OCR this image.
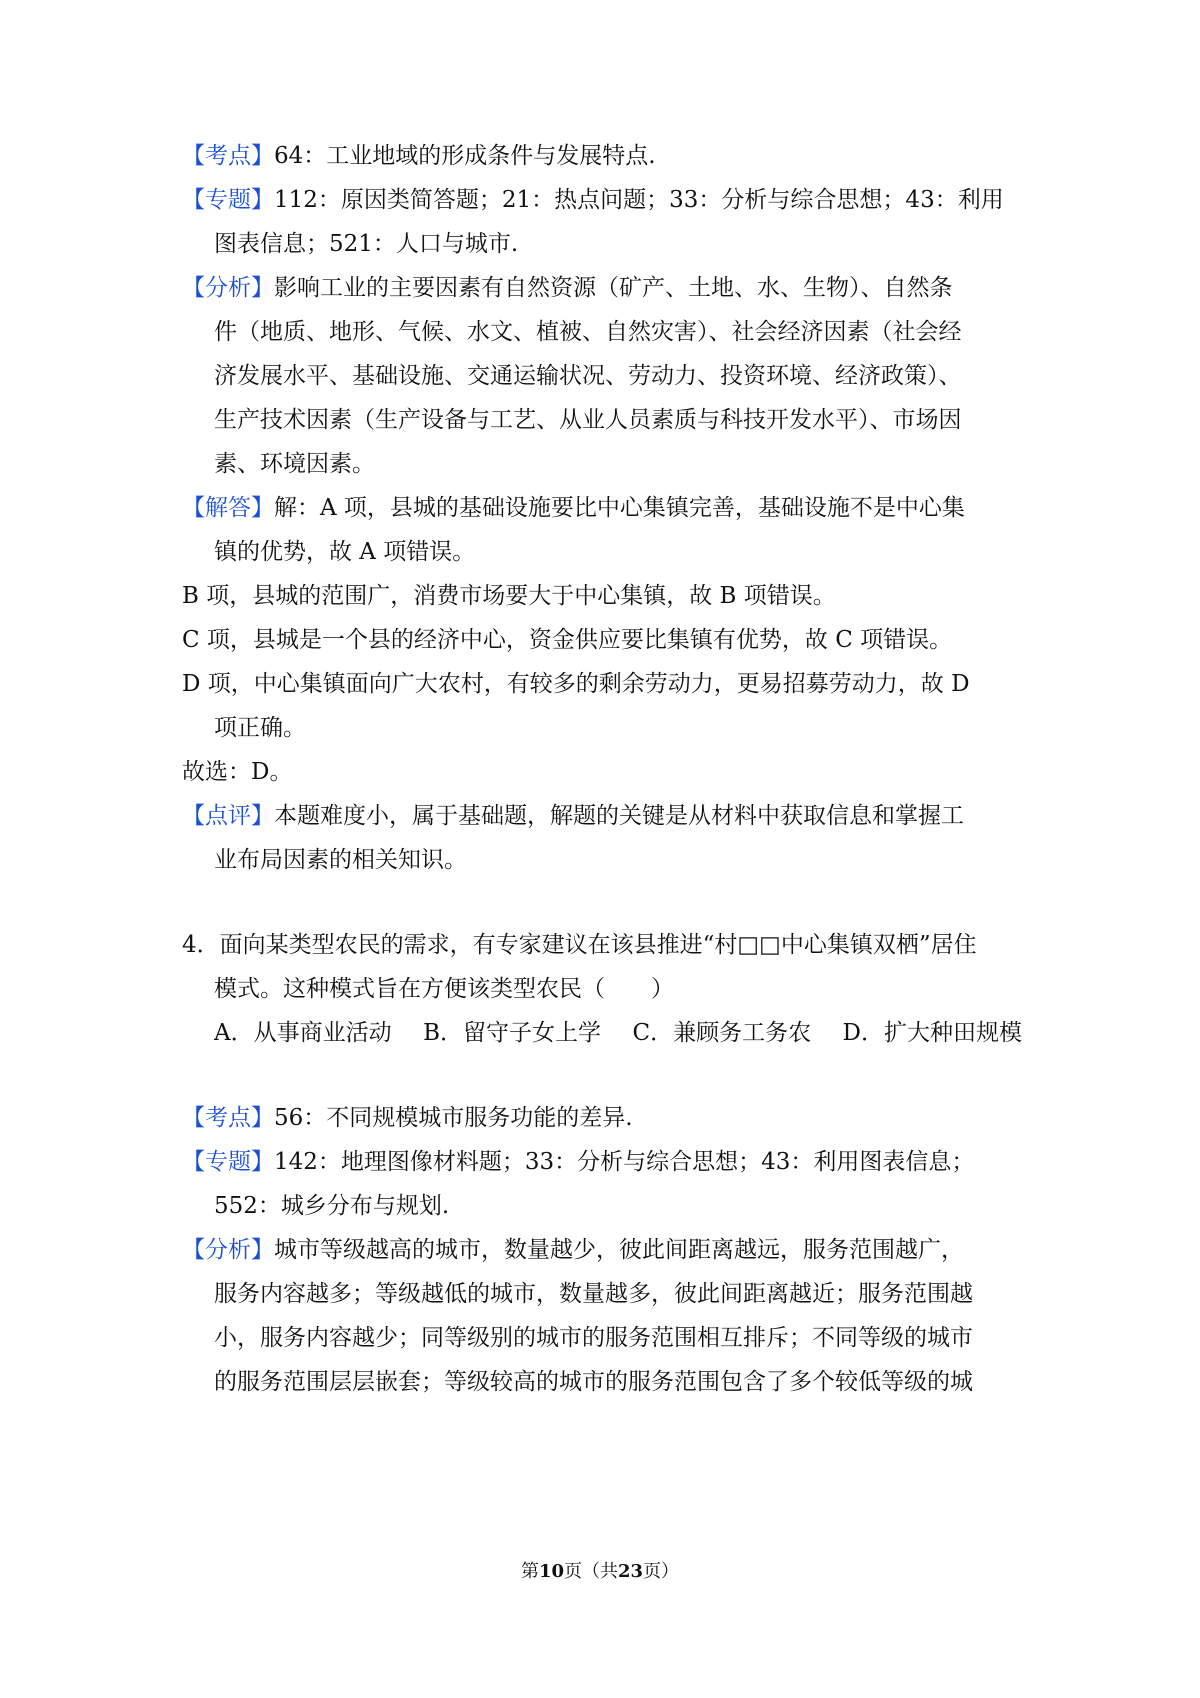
【考点】64：工业地域的形成条件与发展特点.
【专题】112：原因类简答题；21：热点问题；33：分析与综合思想；43：利用
图表信息；521：人口与城市.
【分析】影响工业的主要因素有自然资源（矿产、土地、水、生物）、自然条
件（地质、地形、气候、水文、植被、自然灾害）、社会经济因素（社会经
济发展水平、基础设施、交通运输状况、劳动力、投资环境、经济政策）、
生产技术因素（生产设备与工艺、从业人员素质与科技开发水平）、市场因
素、环境因素。
【解答】解：A 项，县城的基础设施要比中心集镇完善，基础设施不是中心集
镇的优势，故 A 项错误。
B 项，县城的范围广，消费市场要大于中心集镇，故 B 项错误。
C 项，县城是一个县的经济中心，资金供应要比集镇有优势，故 C 项错误。
D 项，中心集镇面向广大农村，有较多的剩余劳动力，更易招募劳动力，故 D
项正确。
故选：D。
【点评】本题难度小，属于基础题，解题的关键是从材料中获取信息和掌握工
业布局因素的相关知识。
4．面向某类型农民的需求，有专家建议在该县推进“村□□中心集镇双栖”居住
模式。这种模式旨在方便该类型农民（　　）
A．从事商业活动 B．留守子女上学 C．兼顾务工务农 D．扩大种田规模
【考点】56：不同规模城市服务功能的差异.
【专题】142：地理图像材料题；33：分析与综合思想；43：利用图表信息；
552：城乡分布与规划.
【分析】城市等级越高的城市，数量越少，彼此间距离越远，服务范围越广，
服务内容越多；等级越低的城市，数量越多，彼此间距离越近；服务范围越
小，服务内容越少；同等级别的城市的服务范围相互排斥；不同等级的城市
的服务范围层层嵌套；等级较高的城市的服务范围包含了多个较低等级的城
第10页（共23页）
